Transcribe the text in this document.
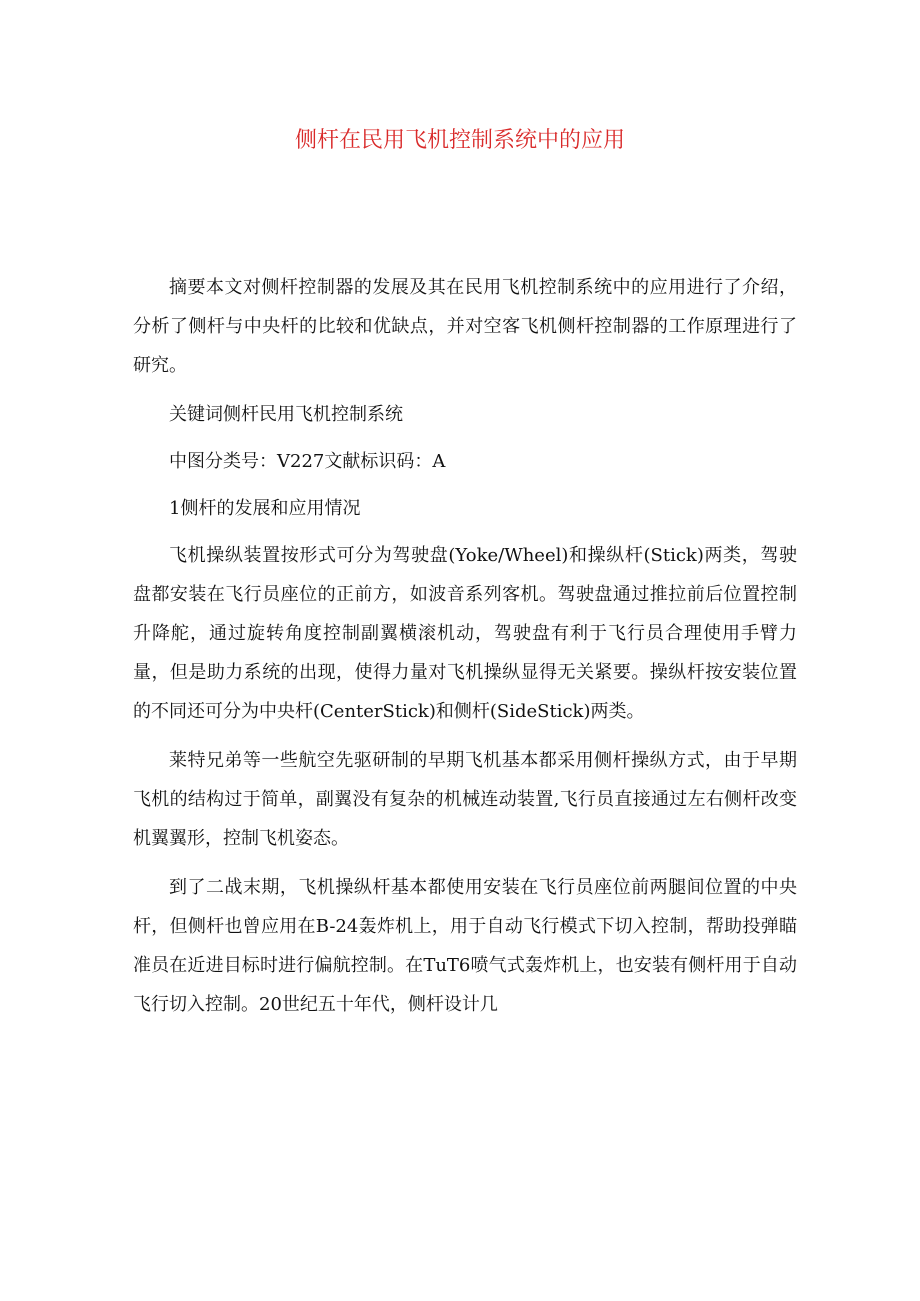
侧杆在民用飞机控制系统中的应用

摘要本文对侧杆控制器的发展及其在民用飞机控制系统中的应用进行了介绍，分析了侧杆与中央杆的比较和优缺点，并对空客飞机侧杆控制器的工作原理进行了研究。

关键词侧杆民用飞机控制系统

中图分类号：V227文献标识码：A

1侧杆的发展和应用情况

飞机操纵装置按形式可分为驾驶盘(Yoke/Wheel)和操纵杆(Stick)两类，驾驶盘都安装在飞行员座位的正前方，如波音系列客机。驾驶盘通过推拉前后位置控制升降舵，通过旋转角度控制副翼横滚机动，驾驶盘有利于飞行员合理使用手臂力量，但是助力系统的出现，使得力量对飞机操纵显得无关紧要。操纵杆按安装位置的不同还可分为中央杆(CenterStick)和侧杆(SideStick)两类。

莱特兄弟等一些航空先驱研制的早期飞机基本都采用侧杆操纵方式，由于早期飞机的结构过于简单，副翼没有复杂的机械连动装置,飞行员直接通过左右侧杆改变机翼翼形，控制飞机姿态。

到了二战末期，飞机操纵杆基本都使用安装在飞行员座位前两腿间位置的中央杆，但侧杆也曾应用在B-24轰炸机上，用于自动飞行模式下切入控制，帮助投弹瞄准员在近进目标时进行偏航控制。在TuT6喷气式轰炸机上，也安装有侧杆用于自动飞行切入控制。20世纪五十年代，侧杆设计几
